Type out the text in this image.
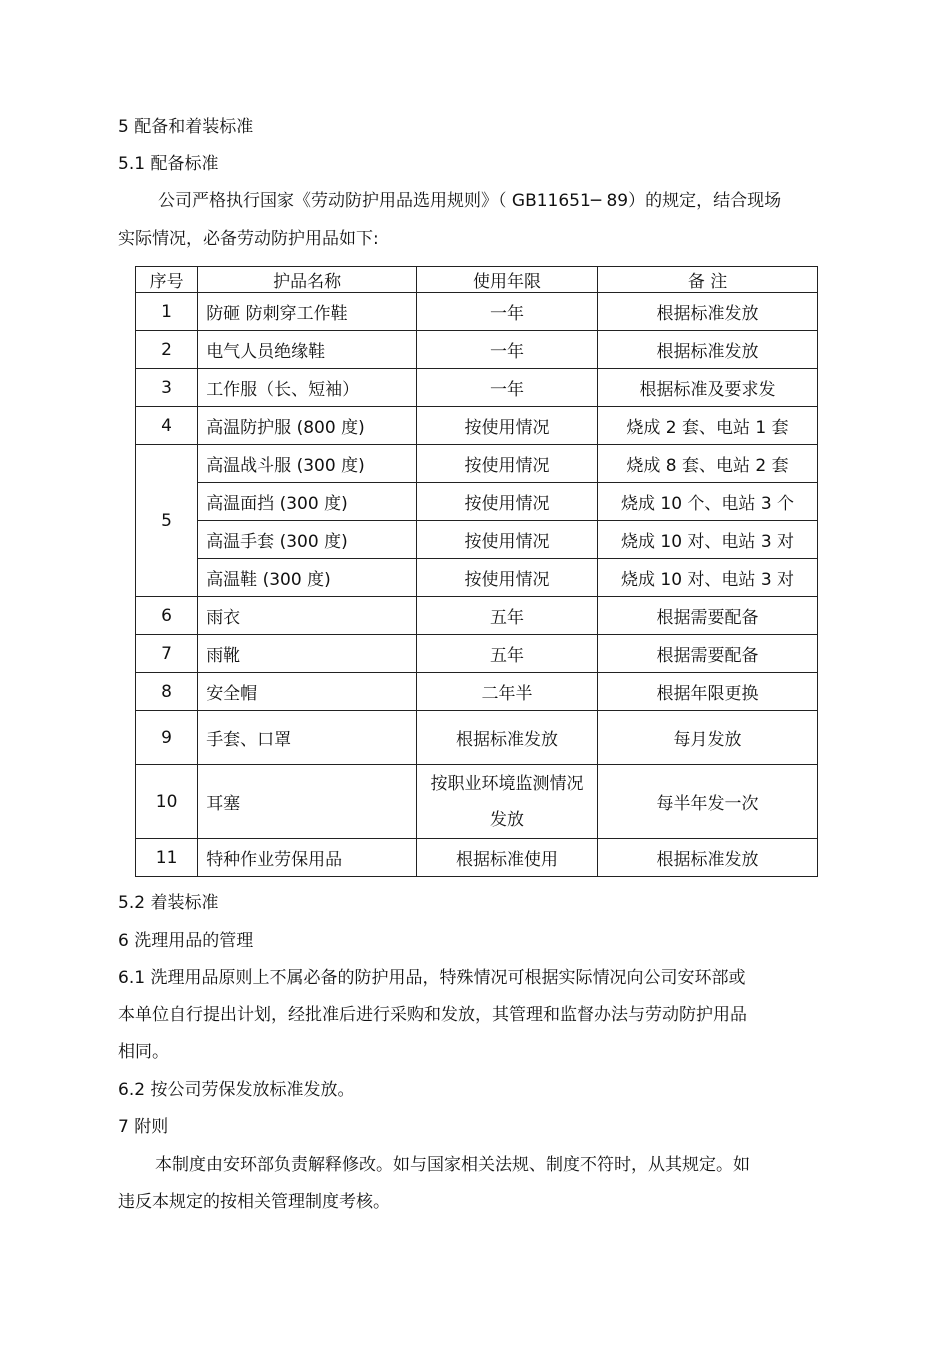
5 配备和着装标准
5.1 配备标准
公司严格执行国家《劳动防护用品选用规则》（ GB11651─ 89）的规定，结合现场
实际情况，必备劳动防护用品如下:
序号	护品名称	使用年限	备 注
1	防砸 防刺穿工作鞋	一年	根据标准发放
2	电气人员绝缘鞋	一年	根据标准发放
3	工作服（长、短袖）	一年	根据标准及要求发
4	高温防护服 (800 度)	按使用情况	烧成 2 套、电站 1 套
5	高温战斗服 (300 度)	按使用情况	烧成 8 套、电站 2 套
	高温面挡 (300 度)	按使用情况	烧成 10 个、电站 3 个
	高温手套 (300 度)	按使用情况	烧成 10 对、电站 3 对
	高温鞋 (300 度)	按使用情况	烧成 10 对、电站 3 对
6	雨衣	五年	根据需要配备
7	雨靴	五年	根据需要配备
8	安全帽	二年半	根据年限更换
9	手套、口罩	根据标准发放	每月发放
10	耳塞	按职业环境监测情况发放	每半年发一次
11	特种作业劳保用品	根据标准使用	根据标准发放
5.2 着装标准
6 洗理用品的管理
6.1 洗理用品原则上不属必备的防护用品，特殊情况可根据实际情况向公司安环部或
本单位自行提出计划，经批准后进行采购和发放，其管理和监督办法与劳动防护用品
相同。
6.2 按公司劳保发放标准发放。
7 附则
本制度由安环部负责解释修改。如与国家相关法规、制度不符时，从其规定。如
违反本规定的按相关管理制度考核。
